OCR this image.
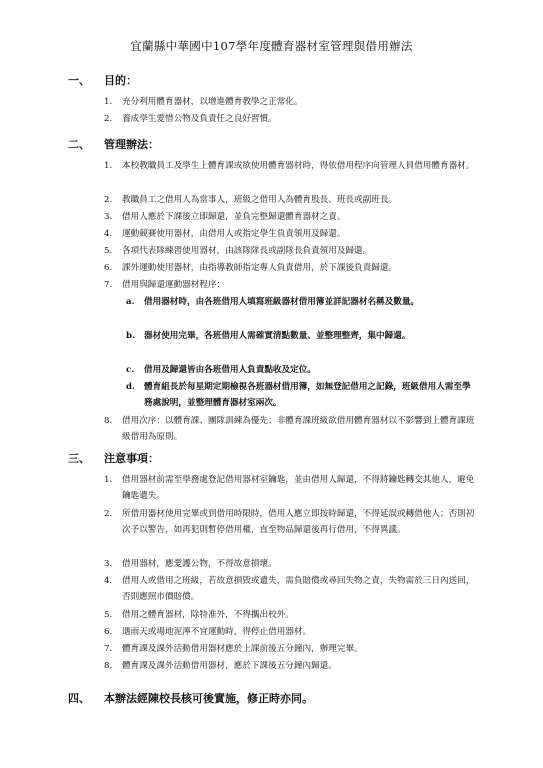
宜蘭縣中華國中107學年度體育器材室管理與借用辦法
一、 目的：
1.	充分利用體育器材，以增進體育教學之正常化。
2.	養成學生愛惜公物及負責任之良好習慣。
二、 管理辦法：
1.	本校教職員工及學生上體育課或欲使用體育器材時，得依借用程序向管理人員借用體育器材。
2.	教職員工之借用人為當事人，班級之借用人為體育股長、班長或副班長。
3.	借用人應於下課後立即歸還，並負完整歸還體育器材之責。
4.	運動競賽使用器材，由借用人或指定學生負責領用及歸還。
5.	各項代表隊練習使用器材，由該隊隊長或副隊長負責領用及歸還。
6.	課外運動使用器材，由指導教師指定專人負責借用，於下課後負責歸還。
7.	借用與歸還運動器材程序：
a.	借用器材時，由各班借用人填寫班級器材借用簿並詳記器材名稱及數量。
b.	器材使用完畢，各班借用人需確實清點數量、並整理整齊，集中歸還。
c.	借用及歸還皆由各班借用人負責點收及定位。
d.	體育組長於每星期定期檢視各班器材借用簿，如無登記借用之記錄，班級借用人需至學務處說明，並整理體育器材室兩次。
8.	借用次序：以體育課、團隊訓練為優先；非體育課班級欲借用體育器材以不影響到上體育課班級借用為原則。
三、 注意事項：
1.	借用器材前需至學務處登記借用器材室鑰匙，並由借用人歸還，不得將鑰匙轉交其他人，避免鑰匙遺失。
2.	所借用器材使用完畢或到借用時限時，借用人應立即按時歸還，不得延誤或轉借他人；否則初次予以警告，如再犯則暫停借用權，直至物品歸還後再行借用，不得異議。
3.	借用器材，應愛護公物，不得故意損壞。
4.	借用人或借用之班級，若故意損毀或遺失，需負賠償或尋回失物之責，失物需於三日內送回，否則應照市價賠償。
5.	借用之體育器材，除特准外，不得攜出校外。
6.	遇雨天或場地泥濘不宜運動時，得停止借用器材。
7.	體育課及課外活動借用器材應於上課前後五分鐘內，辦理完畢。
8.	體育課及課外活動借用器材，應於下課後五分鐘內歸還。
四、 本辦法經陳校長核可後實施，修正時亦同。
